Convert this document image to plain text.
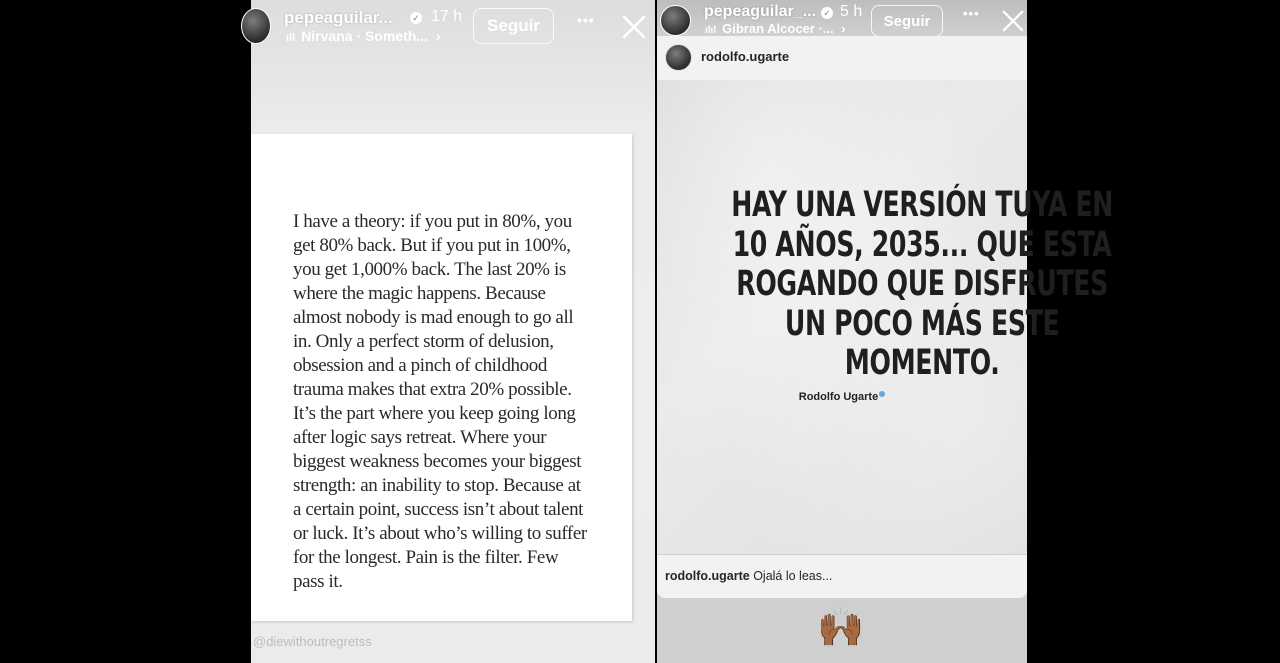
pepeaguilar... ✓ 17 h
ıll Nirvana · Someth... ›
Seguir	•••
I have a theory: if you put in 80%, you get 80% back. But if you put in 100%, you get 1,000% back. The last 20% is where the magic happens. Because almost nobody is mad enough to go all in. Only a perfect storm of delusion, obsession and a pinch of childhood trauma makes that extra 20% possible. It’s the part where you keep going long after logic says retreat. Where your biggest weakness becomes your biggest strength: an inability to stop. Because at a certain point, success isn’t about talent or luck. It’s about who’s willing to suffer for the longest. Pain is the filter. Few pass it.
@diewithoutregretss
pepeaguilar_... ✓ 5 h
ılıl Gibran Alcocer ·... ›	Seguir	•••
rodolfo.ugarte
HAY UNA VERSIÓN TUYA EN
10 AÑOS, 2035... QUE ESTA
ROGANDO QUE DISFRUTES
UN POCO MÁS ESTE
MOMENTO.
Rodolfo Ugarte
rodolfo.ugarte Ojalá lo leas...
🙌🏾
